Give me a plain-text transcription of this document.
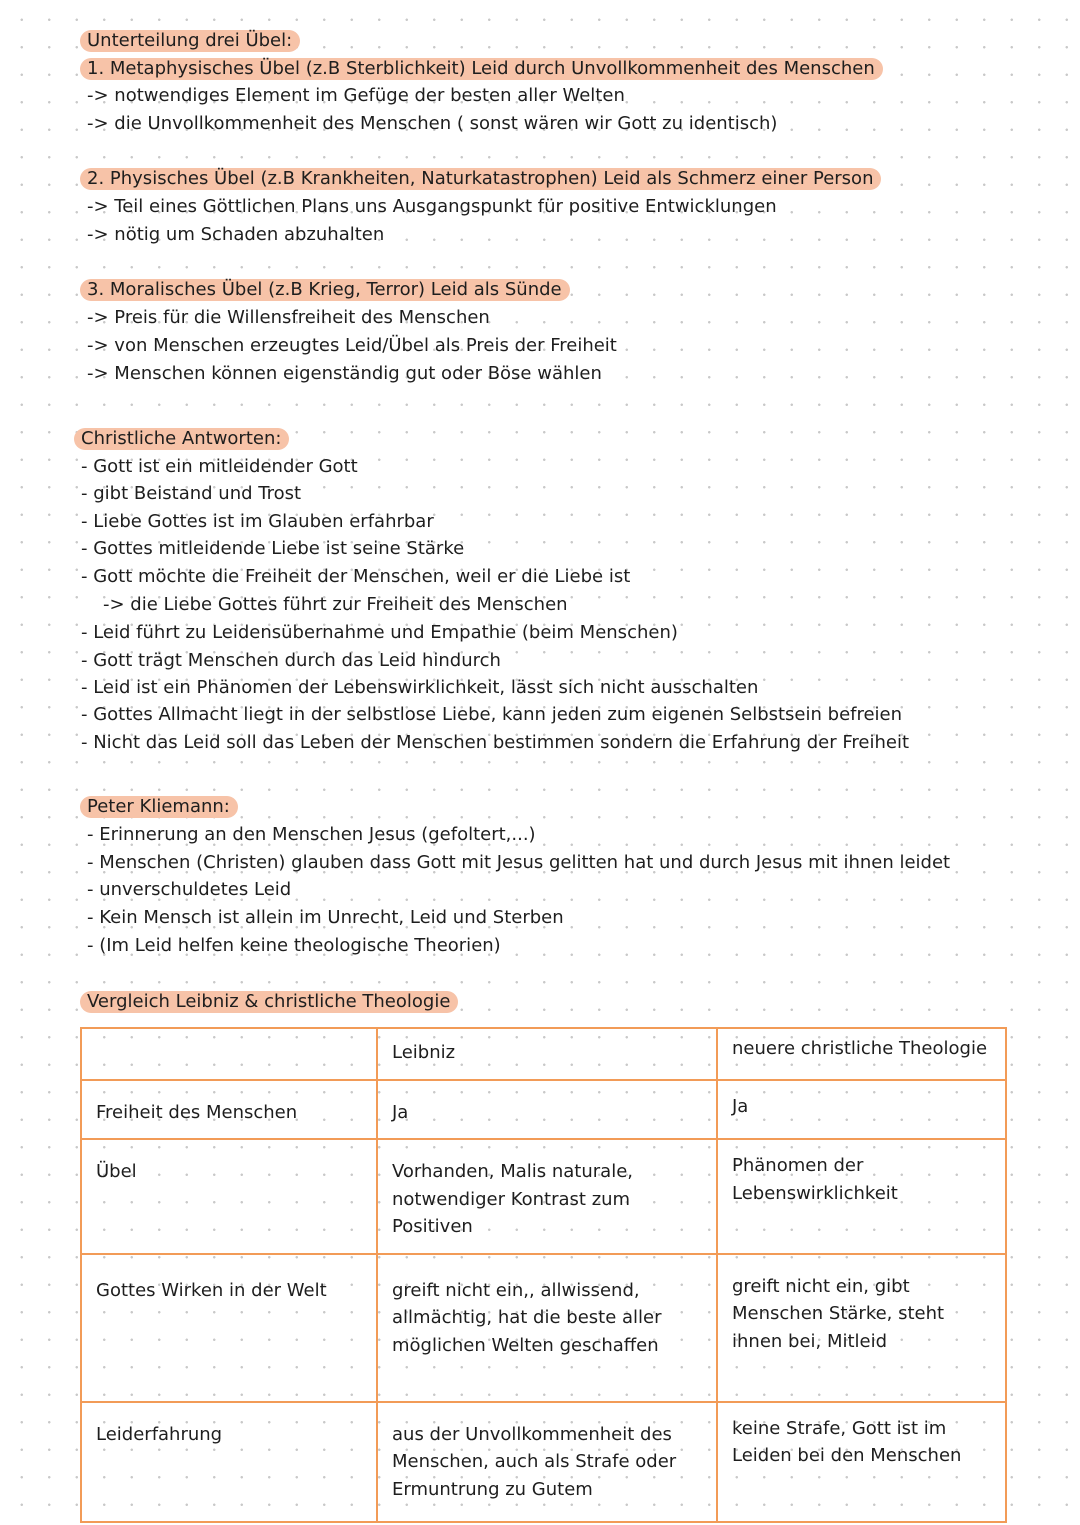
Unterteilung drei Übel:
1. Metaphysisches Übel (z.B Sterblichkeit) Leid durch Unvollkommenheit des Menschen
-> notwendiges Element im Gefüge der besten aller Welten
-> die Unvollkommenheit des Menschen ( sonst wären wir Gott zu identisch)
2. Physisches Übel (z.B Krankheiten, Naturkatastrophen) Leid als Schmerz einer Person
-> Teil eines Göttlichen Plans uns Ausgangspunkt für positive Entwicklungen
-> nötig um Schaden abzuhalten
3. Moralisches Übel (z.B Krieg, Terror) Leid als Sünde
-> Preis für die Willensfreiheit des Menschen
-> von Menschen erzeugtes Leid/Übel als Preis der Freiheit
-> Menschen können eigenständig gut oder Böse wählen
Christliche Antworten:
- Gott ist ein mitleidender Gott
- gibt Beistand und Trost
- Liebe Gottes ist im Glauben erfahrbar
- Gottes mitleidende Liebe ist seine Stärke
- Gott möchte die Freiheit der Menschen, weil er die Liebe ist
-> die Liebe Gottes führt zur Freiheit des Menschen
- Leid führt zu Leidensübernahme und Empathie (beim Menschen)
- Gott trägt Menschen durch das Leid hindurch
- Leid ist ein Phänomen der Lebenswirklichkeit, lässt sich nicht ausschalten
- Gottes Allmacht liegt in der selbstlose Liebe, kann jeden zum eigenen Selbstsein befreien
- Nicht das Leid soll das Leben der Menschen bestimmen sondern die Erfahrung der Freiheit
Peter Kliemann:
- Erinnerung an den Menschen Jesus (gefoltert,...)
- Menschen (Christen) glauben dass Gott mit Jesus gelitten hat und durch Jesus mit ihnen leidet
- unverschuldetes Leid
- Kein Mensch ist allein im Unrecht, Leid und Sterben
- (Im Leid helfen keine theologische Theorien)
Vergleich Leibniz & christliche Theologie
	Leibniz	neuere christliche Theologie
Freiheit des Menschen	Ja	Ja
Übel	Vorhanden, Malis naturale, notwendiger Kontrast zum Positiven	Phänomen der Lebenswirklichkeit
Gottes Wirken in der Welt	greift nicht ein,, allwissend, allmächtig, hat die beste aller möglichen Welten geschaffen	greift nicht ein, gibt Menschen Stärke, steht ihnen bei, Mitleid
Leiderfahrung	aus der Unvollkommenheit des Menschen, auch als Strafe oder Ermuntrung zu Gutem	keine Strafe, Gott ist im Leiden bei den Menschen
